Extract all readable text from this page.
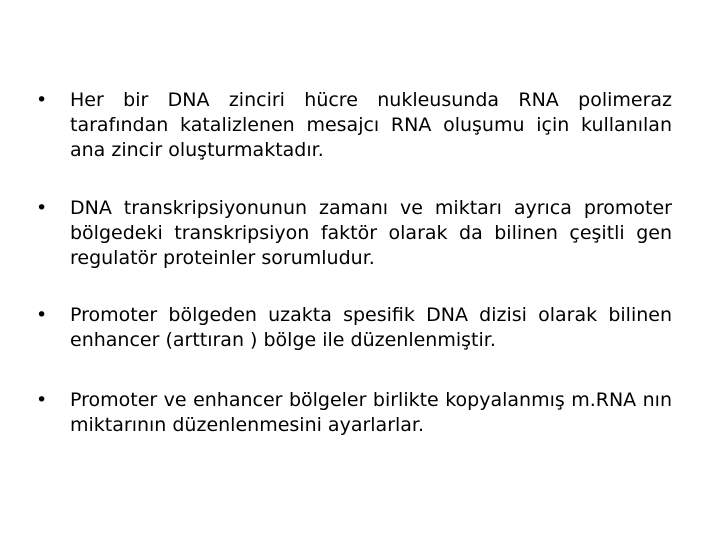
•	Her bir DNA zinciri hücre nukleusunda RNA polimeraz tarafından katalizlenen mesajcı RNA oluşumu için kullanılan ana zincir oluşturmaktadır.
•	DNA transkripsiyonunun zamanı ve miktarı ayrıca promoter bölgedeki transkripsiyon faktör olarak da bilinen çeşitli gen regulatör proteinler sorumludur.
•	Promoter bölgeden uzakta spesifik DNA dizisi olarak bilinen enhancer (arttıran ) bölge ile düzenlenmiştir.
•	Promoter ve enhancer bölgeler birlikte kopyalanmış m.RNA nın miktarının düzenlenmesini ayarlarlar.
